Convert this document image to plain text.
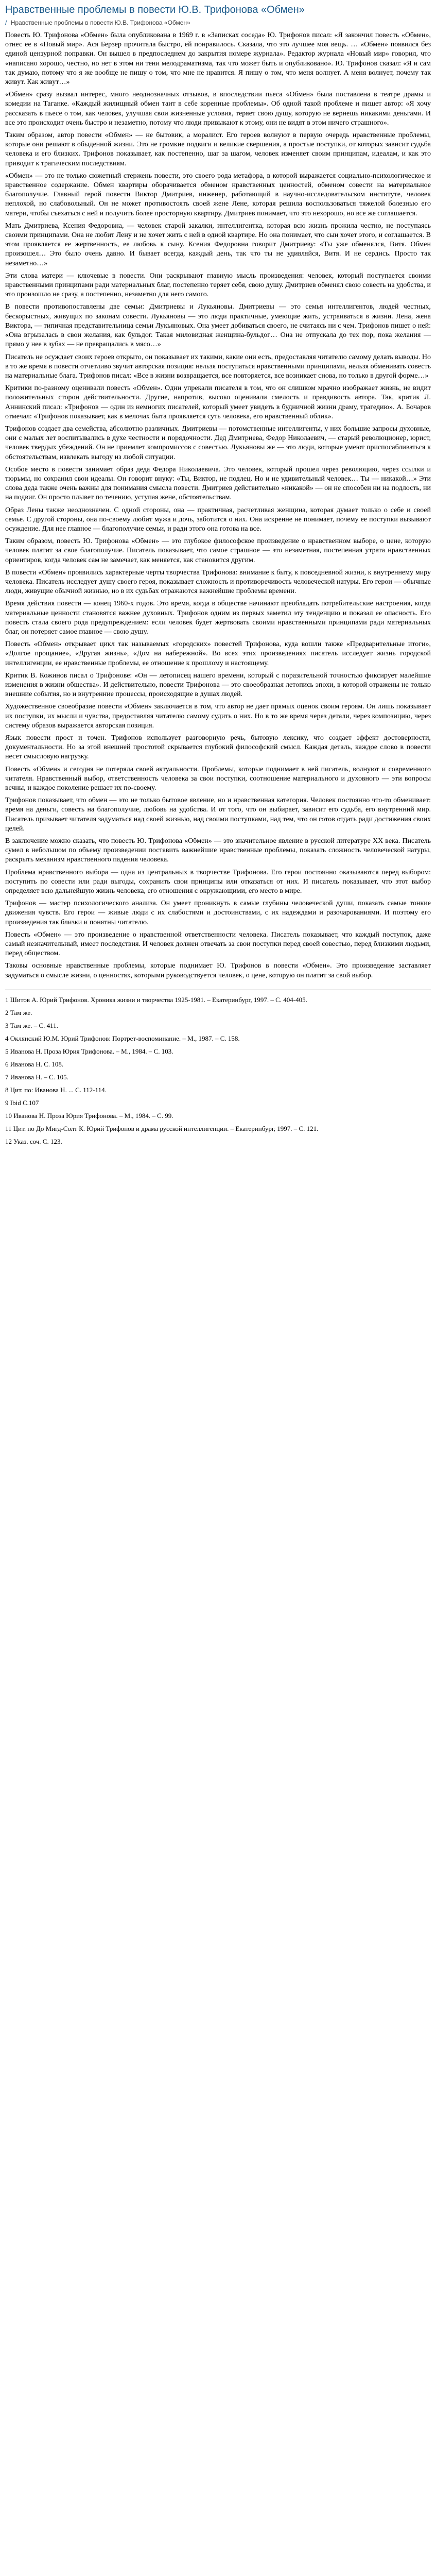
Нравственные проблемы в повести Ю.В. Трифонова «Обмен»
/ Нравственные проблемы в повести Ю.В. Трифонова «Обмен»

Повесть Ю. Трифонова «Обмен» была опубликована в 1969 г. в «Записках соседа» Ю. Трифонов писал: «Я закончил повесть «Обмен», отнес ее в «Новый мир». Ася Берзер прочитала быстро, ей понравилось. Сказала, что это лучшее моя вещь. … «Обмен» появился без единой цензурной поправки. Он вышел в предпоследнем до закрытия номере журнала». Редактор журнала «Новый мир» говорил, что «написано хорошо, честно, но нет в этом ни тени мелодраматизма, так что может быть и опубликовано». Ю. Трифонов сказал: «Я и сам так думаю, потому что я же вообще не пишу о том, что мне не нравится. Я пишу о том, что меня волнует. А меня волнует, почему так живут. Как живут…»

«Обмен» сразу вызвал интерес, много неоднозначных отзывов, в впоследствии пьеса «Обмен» была поставлена в театре драмы и комедии на Таганке. «Каждый жилищный обмен таит в себе коренные проблемы». Об одной такой проблеме и пишет автор: «Я хочу рассказать в пьесе о том, как человек, улучшая свои жизненные условия, теряет свою душу, которую не вернешь никакими деньгами. И все это происходит очень быстро и незаметно, потому что люди привыкают к этому, они не видят в этом ничего страшного».

Таким образом, автор повести «Обмен» — не бытовик, а моралист. Его героев волнуют в первую очередь нравственные проблемы, которые они решают в обыденной жизни. Это не громкие подвиги и великие свершения, а простые поступки, от которых зависит судьба человека и его близких. Трифонов показывает, как постепенно, шаг за шагом, человек изменяет своим принципам, идеалам, и как это приводит к трагическим последствиям.

«Обмен» — это не только сюжетный стержень повести, это своего рода метафора, в которой выражается социально-психологическое и нравственное содержание. Обмен квартиры оборачивается обменом нравственных ценностей, обменом совести на материальное благополучие. Главный герой повести Виктор Дмитриев, инженер, работающий в научно-исследовательском институте, человек неплохой, но слабовольный. Он не может противостоять своей жене Лене, которая решила воспользоваться тяжелой болезнью его матери, чтобы съехаться с ней и получить более просторную квартиру. Дмитриев понимает, что это нехорошо, но все же соглашается.

Мать Дмитриева, Ксения Федоровна, — человек старой закалки, интеллигентка, которая всю жизнь прожила честно, не поступаясь своими принципами. Она не любит Лену и не хочет жить с ней в одной квартире. Но она понимает, что сын хочет этого, и соглашается. В этом проявляется ее жертвенность, ее любовь к сыну. Ксения Федоровна говорит Дмитриеву: «Ты уже обменялся, Витя. Обмен произошел… Это было очень давно. И бывает всегда, каждый день, так что ты не удивляйся, Витя. И не сердись. Просто так незаметно…»

Эти слова матери — ключевые в повести. Они раскрывают главную мысль произведения: человек, который поступается своими нравственными принципами ради материальных благ, постепенно теряет себя, свою душу. Дмитриев обменял свою совесть на удобства, и это произошло не сразу, а постепенно, незаметно для него самого.

В повести противопоставлены две семьи: Дмитриевы и Лукьяновы. Дмитриевы — это семья интеллигентов, людей честных, бескорыстных, живущих по законам совести. Лукьяновы — это люди практичные, умеющие жить, устраиваться в жизни. Лена, жена Виктора, — типичная представительница семьи Лукьяновых. Она умеет добиваться своего, не считаясь ни с чем. Трифонов пишет о ней: «Она вгрызалась в свои желания, как бульдог. Такая миловидная женщина-бульдог… Она не отпускала до тех пор, пока желания — прямо у нее в зубах — не превращались в мясо…»

Писатель не осуждает своих героев открыто, он показывает их такими, какие они есть, предоставляя читателю самому делать выводы. Но в то же время в повести отчетливо звучит авторская позиция: нельзя поступаться нравственными принципами, нельзя обменивать совесть на материальные блага. Трифонов писал: «Все в жизни возвращается, все повторяется, все возникает снова, но только в другой форме…»

Критики по-разному оценивали повесть «Обмен». Одни упрекали писателя в том, что он слишком мрачно изображает жизнь, не видит положительных сторон действительности. Другие, напротив, высоко оценивали смелость и правдивость автора. Так, критик Л. Аннинский писал: «Трифонов — один из немногих писателей, который умеет увидеть в будничной жизни драму, трагедию». А. Бочаров отмечал: «Трифонов показывает, как в мелочах быта проявляется суть человека, его нравственный облик».

Трифонов создает два семейства, абсолютно различных. Дмитриевы — потомственные интеллигенты, у них большие запросы духовные, они с малых лет воспитывались в духе честности и порядочности. Дед Дмитриева, Федор Николаевич, — старый революционер, юрист, человек твердых убеждений. Он не приемлет компромиссов с совестью. Лукьяновы же — это люди, которые умеют приспосабливаться к обстоятельствам, извлекать выгоду из любой ситуации.

Особое место в повести занимает образ деда Федора Николаевича. Это человек, который прошел через революцию, через ссылки и тюрьмы, но сохранил свои идеалы. Он говорит внуку: «Ты, Виктор, не подлец. Но и не удивительный человек… Ты — никакой…» Эти слова деда также очень важны для понимания смысла повести. Дмитриев действительно «никакой» — он не способен ни на подлость, ни на подвиг. Он просто плывет по течению, уступая жене, обстоятельствам.

Образ Лены также неоднозначен. С одной стороны, она — практичная, расчетливая женщина, которая думает только о себе и своей семье. С другой стороны, она по-своему любит мужа и дочь, заботится о них. Она искренне не понимает, почему ее поступки вызывают осуждение. Для нее главное — благополучие семьи, и ради этого она готова на все.

Таким образом, повесть Ю. Трифонова «Обмен» — это глубокое философское произведение о нравственном выборе, о цене, которую человек платит за свое благополучие. Писатель показывает, что самое страшное — это незаметная, постепенная утрата нравственных ориентиров, когда человек сам не замечает, как меняется, как становится другим.

В повести «Обмен» проявились характерные черты творчества Трифонова: внимание к быту, к повседневной жизни, к внутреннему миру человека. Писатель исследует душу своего героя, показывает сложность и противоречивость человеческой натуры. Его герои — обычные люди, живущие обычной жизнью, но в их судьбах отражаются важнейшие проблемы времени.

Время действия повести — конец 1960-х годов. Это время, когда в обществе начинают преобладать потребительские настроения, когда материальные ценности становятся важнее духовных. Трифонов одним из первых заметил эту тенденцию и показал ее опасность. Его повесть стала своего рода предупреждением: если человек будет жертвовать своими нравственными принципами ради материальных благ, он потеряет самое главное — свою душу.

Повесть «Обмен» открывает цикл так называемых «городских» повестей Трифонова, куда вошли также «Предварительные итоги», «Долгое прощание», «Другая жизнь», «Дом на набережной». Во всех этих произведениях писатель исследует жизнь городской интеллигенции, ее нравственные проблемы, ее отношение к прошлому и настоящему.

Критик В. Кожинов писал о Трифонове: «Он — летописец нашего времени, который с поразительной точностью фиксирует малейшие изменения в жизни общества». И действительно, повести Трифонова — это своеобразная летопись эпохи, в которой отражены не только внешние события, но и внутренние процессы, происходящие в душах людей.

Художественное своеобразие повести «Обмен» заключается в том, что автор не дает прямых оценок своим героям. Он лишь показывает их поступки, их мысли и чувства, предоставляя читателю самому судить о них. Но в то же время через детали, через композицию, через систему образов выражается авторская позиция.

Язык повести прост и точен. Трифонов использует разговорную речь, бытовую лексику, что создает эффект достоверности, документальности. Но за этой внешней простотой скрывается глубокий философский смысл. Каждая деталь, каждое слово в повести несет смысловую нагрузку.

Повесть «Обмен» и сегодня не потеряла своей актуальности. Проблемы, которые поднимает в ней писатель, волнуют и современного читателя. Нравственный выбор, ответственность человека за свои поступки, соотношение материального и духовного — эти вопросы вечны, и каждое поколение решает их по-своему.

Трифонов показывает, что обмен — это не только бытовое явление, но и нравственная категория. Человек постоянно что-то обменивает: время на деньги, совесть на благополучие, любовь на удобства. И от того, что он выбирает, зависит его судьба, его внутренний мир. Писатель призывает читателя задуматься над своей жизнью, над своими поступками, над тем, что он готов отдать ради достижения своих целей.

В заключение можно сказать, что повесть Ю. Трифонова «Обмен» — это значительное явление в русской литературе XX века. Писатель сумел в небольшом по объему произведении поставить важнейшие нравственные проблемы, показать сложность человеческой натуры, раскрыть механизм нравственного падения человека.

Проблема нравственного выбора — одна из центральных в творчестве Трифонова. Его герои постоянно оказываются перед выбором: поступить по совести или ради выгоды, сохранить свои принципы или отказаться от них. И писатель показывает, что этот выбор определяет всю дальнейшую жизнь человека, его отношения с окружающими, его место в мире.

Трифонов — мастер психологического анализа. Он умеет проникнуть в самые глубины человеческой души, показать самые тонкие движения чувств. Его герои — живые люди с их слабостями и достоинствами, с их надеждами и разочарованиями. И поэтому его произведения так близки и понятны читателю.

Повесть «Обмен» — это произведение о нравственной ответственности человека. Писатель показывает, что каждый поступок, даже самый незначительный, имеет последствия. И человек должен отвечать за свои поступки перед своей совестью, перед близкими людьми, перед обществом.

Таковы основные нравственные проблемы, которые поднимает Ю. Трифонов в повести «Обмен». Это произведение заставляет задуматься о смысле жизни, о ценностях, которыми руководствуется человек, о цене, которую он платит за свой выбор.

1 Шитов А. Юрий Трифонов. Хроника жизни и творчества 1925-1981. – Екатеринбург, 1997. – С. 404-405.
2 Там же.
3 Там же. – С. 411.
4 Оклянский Ю.М. Юрий Трифонов: Портрет-воспоминание. – М., 1987. – С. 158.
5 Иванова Н. Проза Юрия Трифонова. – М., 1984. – С. 103.
6 Иванова Н. С. 108.
7 Иванова Н. – С. 105.
8 Цит. по: Иванова Н. ... С. 112-114.
9 Ibid C.107
10 Иванова Н. Проза Юрия Трифонова. – М., 1984. – С. 99.
11 Цит. по До Мигд-Солт К. Юрий Трифонов и драма русской интеллигенции. – Екатеринбург, 1997. – С. 121.
12 Указ. соч. С. 123.
